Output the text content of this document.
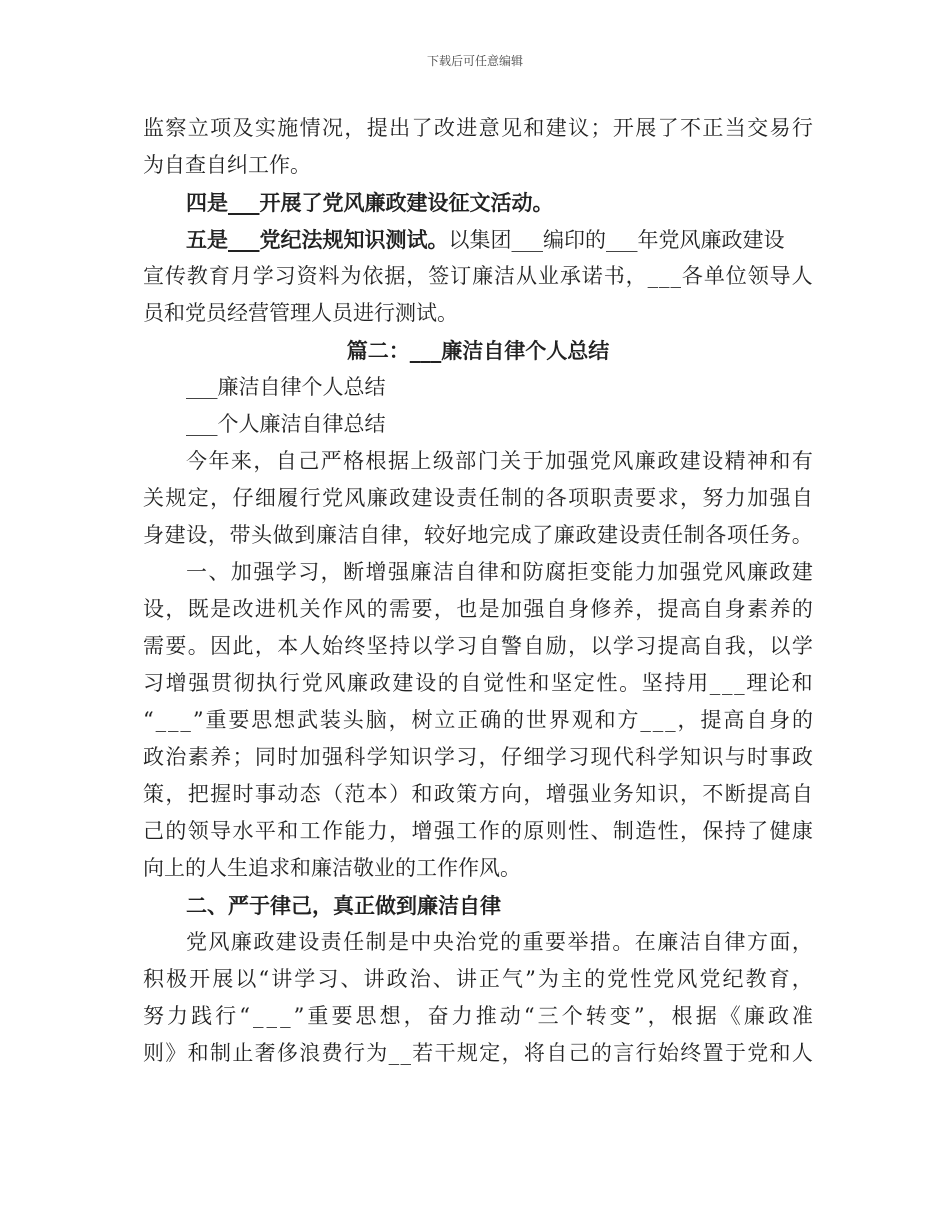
下载后可任意编辑
监 察 立 项 及 实 施 情 况 ， 提 出 了 改 进 意 见 和 建 议 ； 开 展 了 不 正 当 交 易 行
为自查自纠工作。
四是___开展了党风廉政建设征文活动。
五是___党纪法规知识测试。以集团___编印的___年党风廉政建设
宣 传 教 育 月 学 习 资 料 为 依 据 ， 签 订 廉 洁 从 业 承 诺 书 ， _ _ _ 各 单 位 领 导 人
员和党员经营管理人员进行测试。
篇二：___廉洁自律个人总结
___廉洁自律个人总结
___个人廉洁自律总结
今 年 来 ， 自 己 严 格 根 据 上 级 部 门 关 于 加 强 党 风 廉 政 建 设 精 神 和 有
关 规 定 ， 仔 细 履 行 党 风 廉 政 建 设 责 任 制 的 各 项 职 责 要 求 ， 努 力 加 强 自
身 建 设 ， 带 头 做 到 廉 洁 自 律 ， 较 好 地 完 成 了 廉 政 建 设 责 任 制 各 项 任 务 。
一 、 加 强 学 习 ， 断 增 强 廉 洁 自 律 和 防 腐 拒 变 能 力 加 强 党 风 廉 政 建
设 ， 既 是 改 进 机 关 作 风 的 需 要 ， 也 是 加 强 自 身 修 养 ， 提 高 自 身 素 养 的
需 要 。 因 此 ， 本 人 始 终 坚 持 以 学 习 自 警 自 励 ， 以 学 习 提 高 自 我 ， 以 学
习 增 强 贯 彻 执 行 党 风 廉 政 建 设 的 自 觉 性 和 坚 定 性 。 坚 持 用 _ _ _ 理 论 和
“ _ _ _ ” 重 要 思 想 武 装 头 脑 ， 树 立 正 确 的 世 界 观 和 方 _ _ _ ， 提 高 自 身 的
政 治 素 养 ； 同 时 加 强 科 学 知 识 学 习 ， 仔 细 学 习 现 代 科 学 知 识 与 时 事 政
策 ， 把 握 时 事 动 态 （ 范 本 ） 和 政 策 方 向 ， 增 强 业 务 知 识 ， 不 断 提 高 自
己 的 领 导 水 平 和 工 作 能 力 ， 增 强 工 作 的 原 则 性 、 制 造 性 ， 保 持 了 健 康
向上的人生追求和廉洁敬业的工作作风。
二、严于律己，真正做到廉洁自律
党 风 廉 政 建 设 责 任 制 是 中 央 治 党 的 重 要 举 措 。 在 廉 洁 自 律 方 面 ，
积 极 开 展 以 “ 讲 学 习 、 讲 政 治 、 讲 正 气 ” 为 主 的 党 性 党 风 党 纪 教 育 ，
努 力 践 行 “ _ _ _ ” 重 要 思 想 ， 奋 力 推 动 “ 三 个 转 变 ” ， 根 据 《 廉 政 准
则 》 和 制 止 奢 侈 浪 费 行 为 _ _ 若 干 规 定 ， 将 自 己 的 言 行 始 终 置 于 党 和 人
